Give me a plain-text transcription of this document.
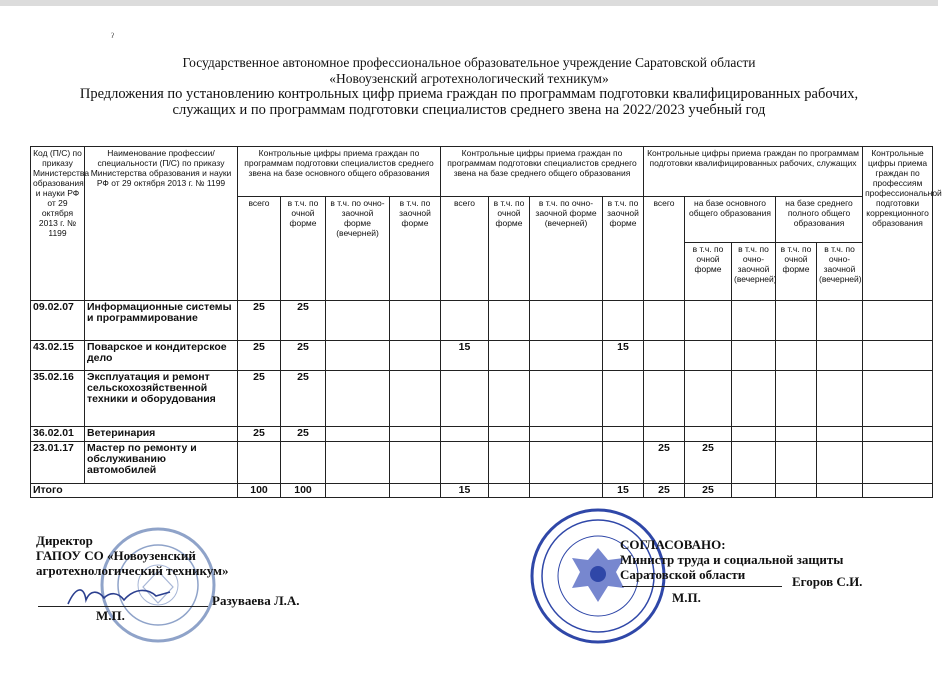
ˀ
Государственное автономное профессиональное образовательное учреждение Саратовской области
«Новоузенский агротехнологический техникум»
Предложения по установлению контрольных цифр приема граждан по программам подготовки квалифицированных рабочих,
служащих и по программам подготовки специалистов среднего звена на 2022/2023 учебный год
Код (П/С) по приказу Министерства образования и науки РФ от 29 октября 2013 г. № 1199	Наименование профессии/ специальности (П/С) по приказу Министерства образования и науки РФ от 29 октября 2013 г. № 1199	Контрольные цифры приема граждан по программам подготовки специалистов среднего звена на базе основного общего образования				Контрольные цифры приема граждан по программам подготовки специалистов среднего звена на базе среднего общего образования				Контрольные цифры приема граждан по программам подготовки квалифицированных рабочих, служащих					Контрольные цифры приема граждан по профессиям профессиональной подготовки коррекционного образования
		всего	в т.ч. по очной форме	в т.ч. по очно-заочной форме (вечерней)	в т.ч. по заочной форме	всего	в т.ч. по очной форме	в т.ч. по очно-заочной форме (вечерней)	в т.ч. по заочной форме	всего	на базе основного общего образования		на базе среднего полного общего образования		
											в т.ч. по очной форме	в т.ч. по очно-заочной (вечерней)	в т.ч. по очной форме	в т.ч. по очно-заочной (вечерней)	
09.02.07	Информационные системы и программирование	25	25												
43.02.15	Поварское и кондитерское дело	25	25			15			15						
35.02.16	Эксплуатация и ремонт сельскохозяйственной техники и оборудования	25	25												
36.02.01	Ветеринария	25	25												
23.01.17	Мастер по ремонту и обслуживанию автомобилей									25	25				
Итого		100	100			15			15	25	25				
Директор
ГАПОУ СО «Новоузенский
агротехнологический техникум»
Разуваева Л.А.
М.П.
СОГЛАСОВАНО:
Министр труда и социальной защиты
Саратовской области	Егоров С.И.
М.П.
